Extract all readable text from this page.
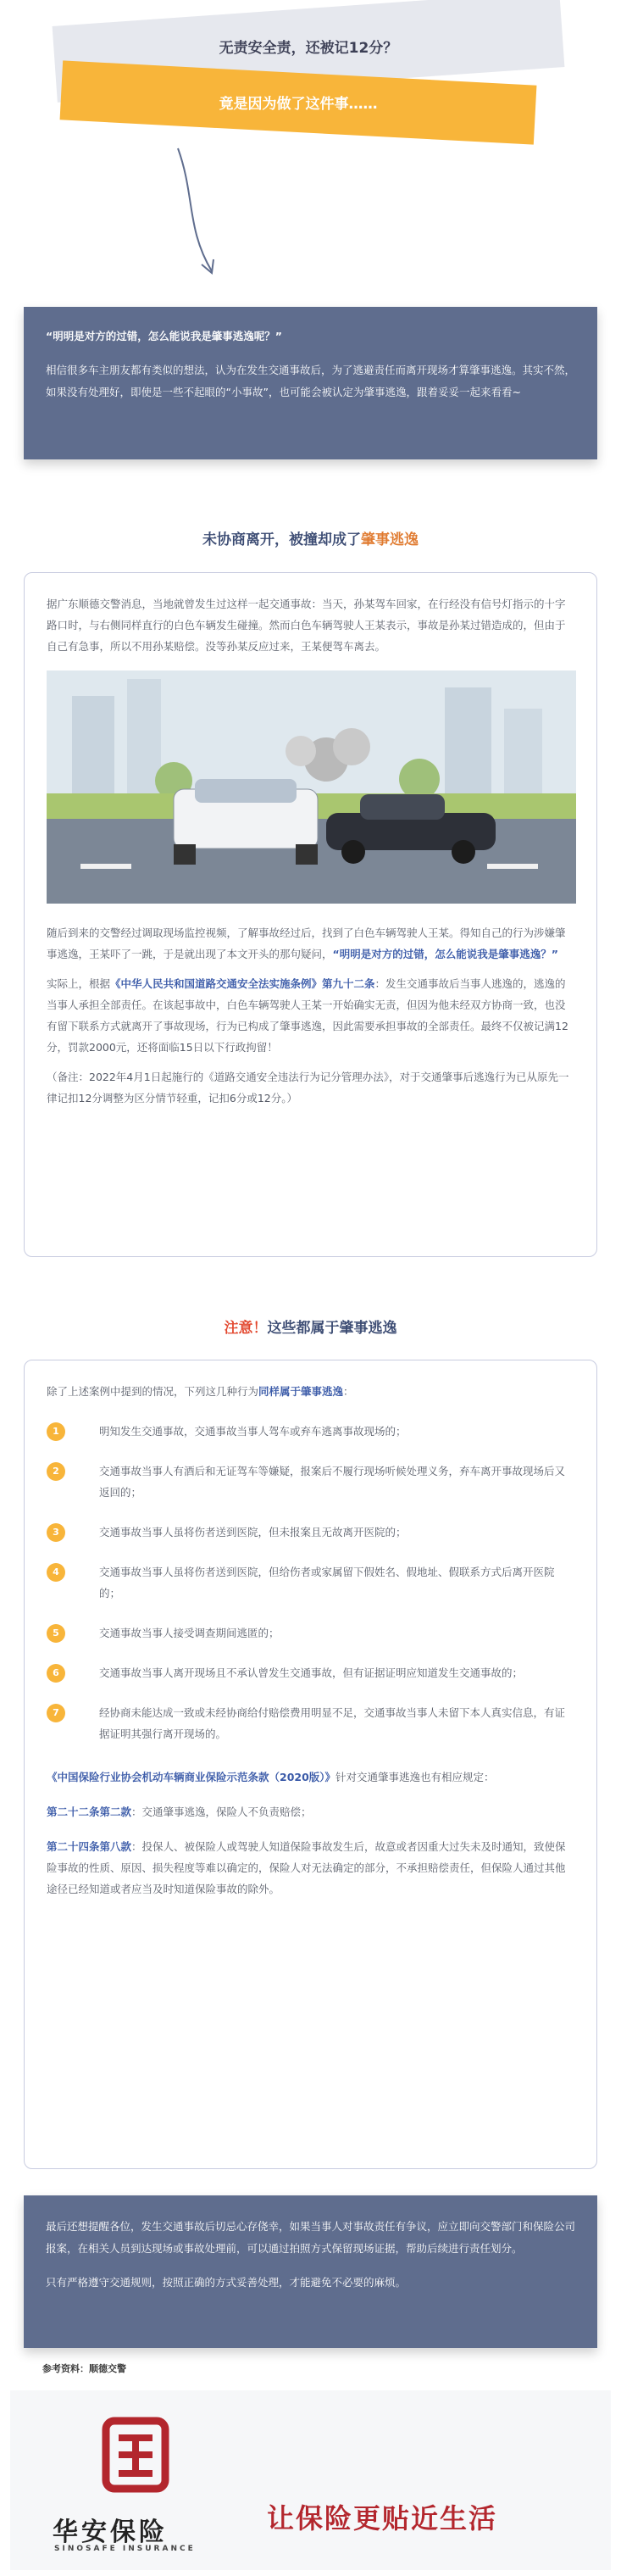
无责安全责，还被记12分？
竟是因为做了这件事……
“明明是对方的过错，怎么能说我是肇事逃逸呢？”
相信很多车主朋友都有类似的想法，认为在发生交通事故后，为了逃避责任而离开现场才算肇事逃逸。其实不然，如果没有处理好，即使是一些不起眼的“小事故”，也可能会被认定为肇事逃逸，跟着妥妥一起来看看~
未协商离开，被撞却成了肇事逃逸

据广东顺德交警消息，当地就曾发生过这样一起交通事故：当天，孙某驾车回家，在行经没有信号灯指示的十字路口时，与右侧同样直行的白色车辆发生碰撞。然而白色车辆驾驶人王某表示，事故是孙某过错造成的，但由于自己有急事，所以不用孙某赔偿。没等孙某反应过来，王某便驾车离去。

随后到来的交警经过调取现场监控视频，了解事故经过后，找到了白色车辆驾驶人王某。得知自己的行为涉嫌肇事逃逸，王某吓了一跳，于是就出现了本文开头的那句疑问，“明明是对方的过错，怎么能说我是肇事逃逸？”

实际上，根据《中华人民共和国道路交通安全法实施条例》第九十二条：发生交通事故后当事人逃逸的，逃逸的当事人承担全部责任。在该起事故中，白色车辆驾驶人王某一开始确实无责，但因为他未经双方协商一致，也没有留下联系方式就离开了事故现场，行为已构成了肇事逃逸，因此需要承担事故的全部责任。最终不仅被记满12分，罚款2000元，还将面临15日以下行政拘留！

（备注：2022年4月1日起施行的《道路交通安全违法行为记分管理办法》，对于交通肇事后逃逸行为已从原先一律记扣12分调整为区分情节轻重，记扣6分或12分。）

注意！这些都属于肇事逃逸

除了上述案例中提到的情况，下列这几种行为同样属于肇事逃逸：

1	明知发生交通事故，交通事故当事人驾车或弃车逃离事故现场的；
2	交通事故当事人有酒后和无证驾车等嫌疑，报案后不履行现场听候处理义务，弃车离开事故现场后又返回的；
3	交通事故当事人虽将伤者送到医院，但未报案且无故离开医院的；
4	交通事故当事人虽将伤者送到医院，但给伤者或家属留下假姓名、假地址、假联系方式后离开医院的；
5	交通事故当事人接受调查期间逃匿的；
6	交通事故当事人离开现场且不承认曾发生交通事故，但有证据证明应知道发生交通事故的；
7	经协商未能达成一致或未经协商给付赔偿费用明显不足，交通事故当事人未留下本人真实信息，有证据证明其强行离开现场的。

《中国保险行业协会机动车辆商业保险示范条款（2020版）》针对交通肇事逃逸也有相应规定：

第二十二条第二款：交通肇事逃逸，保险人不负责赔偿；

第二十四条第八款：投保人、被保险人或驾驶人知道保险事故发生后，故意或者因重大过失未及时通知，致使保险事故的性质、原因、损失程度等难以确定的，保险人对无法确定的部分，不承担赔偿责任，但保险人通过其他途径已经知道或者应当及时知道保险事故的除外。

最后还想提醒各位，发生交通事故后切忌心存侥幸，如果当事人对事故责任有争议，应立即向交警部门和保险公司报案，在相关人员到达现场或事故处理前，可以通过拍照方式保留现场证据，帮助后续进行责任划分。

只有严格遵守交通规则，按照正确的方式妥善处理，才能避免不必要的麻烦。

参考资料：顺德交警
华安保险
SINOSAFE INSURANCE
让保险更贴近生活
